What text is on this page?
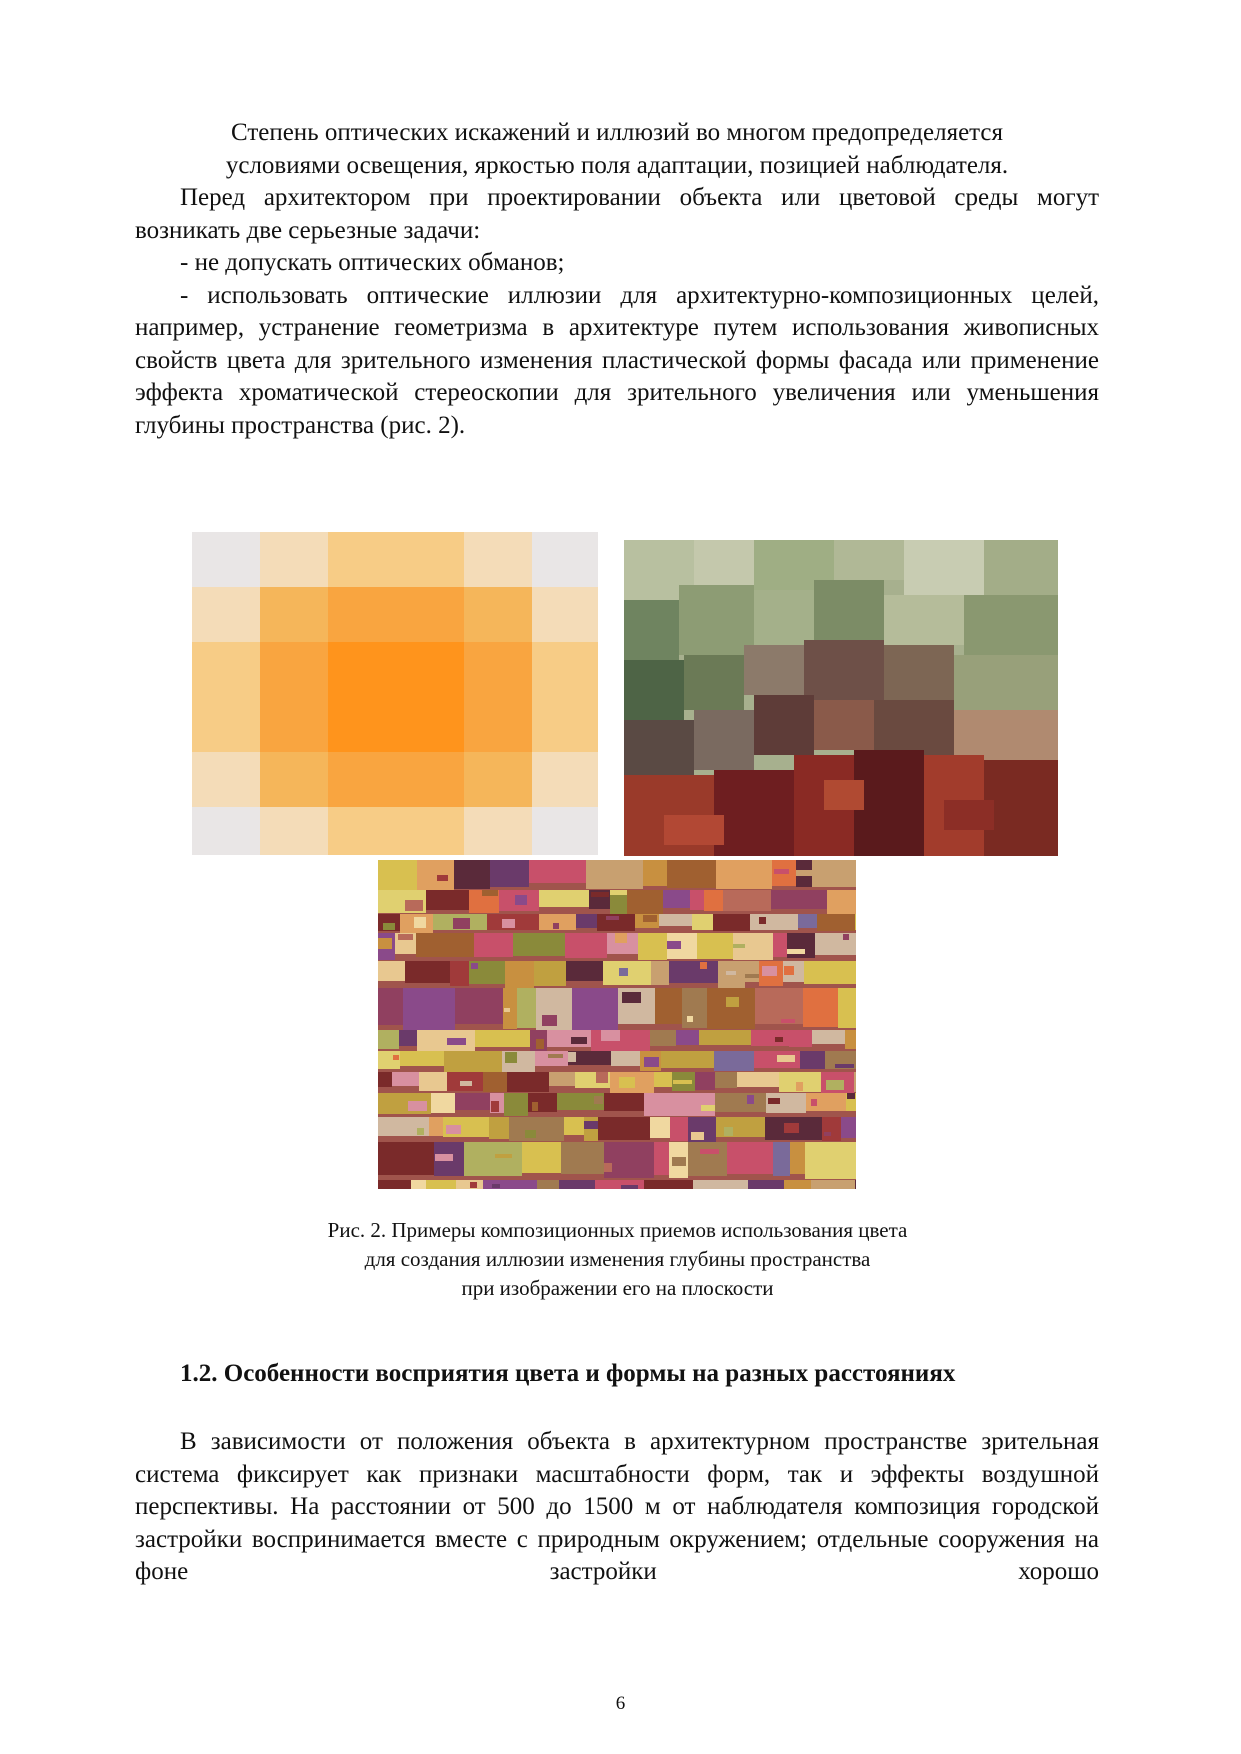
Степень оптических искажений и иллюзий во многом предопределяется

условиями освещения, яркостью поля адаптации, позицией наблюдателя.

Перед архитектором при проектировании объекта или цветовой среды могут возникать две серьезные задачи:

- не допускать оптических обманов;

- использовать оптические иллюзии для архитектурно-композиционных целей, например, устранение геометризма в архитектуре путем использования живописных свойств цвета для зрительного изменения пластической формы фасада или применение эффекта хроматической стереоскопии для зрительного увеличения или уменьшения глубины пространства (рис. 2).

Рис. 2. Примеры композиционных приемов использования цвета
для создания иллюзии изменения глубины пространства
при изображении его на плоскости
1.2. Особенности восприятия цвета и формы на разных расстояниях

В зависимости от положения объекта в архитектурном пространстве зрительная система фиксирует как признаки масштабности форм, так и эффекты воздушной перспективы. На расстоянии от 500 до 1500 м от наблюдателя композиция городской застройки воспринимается вместе с природным окружением; отдельные сооружения на фоне застройки хорошо

6
